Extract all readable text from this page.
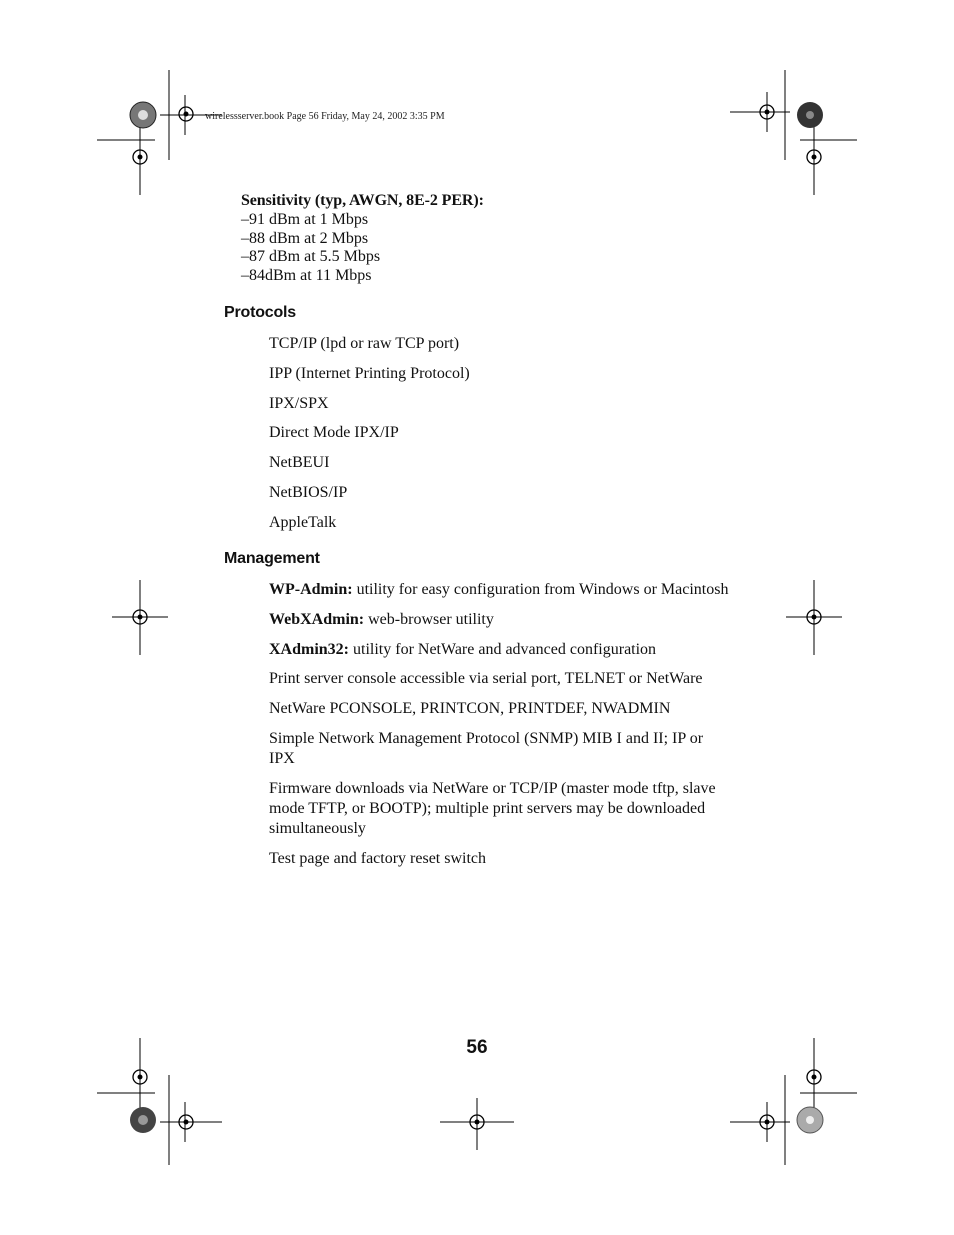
wirelessserver.book Page 56 Friday, May 24, 2002 3:35 PM
Sensitivity (typ, AWGN, 8E-2 PER):
–91 dBm at 1 Mbps
–88 dBm at 2 Mbps
–87 dBm at 5.5 Mbps
–84dBm at 11 Mbps
Protocols
TCP/IP (lpd or raw TCP port)
IPP (Internet Printing Protocol)
IPX/SPX
Direct Mode IPX/IP
NetBEUI
NetBIOS/IP
AppleTalk
Management
WP-Admin: utility for easy configuration from Windows or Macintosh
WebXAdmin: web-browser utility
XAdmin32: utility for NetWare and advanced configuration
Print server console accessible via serial port, TELNET or NetWare
NetWare PCONSOLE, PRINTCON, PRINTDEF, NWADMIN
Simple Network Management Protocol (SNMP) MIB I and II; IP or IPX
Firmware downloads via NetWare or TCP/IP (master mode tftp, slave mode TFTP, or BOOTP); multiple print servers may be downloaded simultaneously
Test page and factory reset switch
56
